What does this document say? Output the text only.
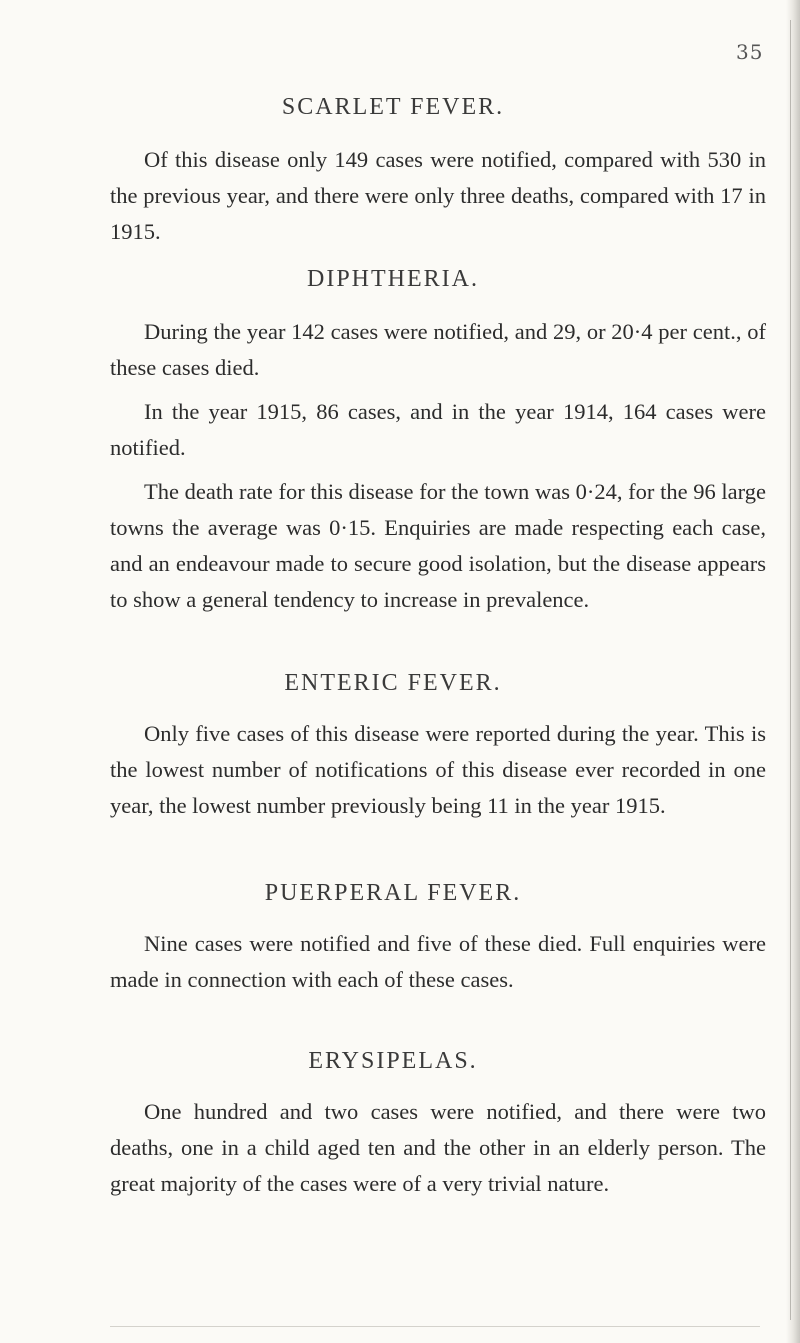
35
SCARLET FEVER.
Of this disease only 149 cases were notified, compared with 530 in the previous year, and there were only three deaths, compared with 17 in 1915.
DIPHTHERIA.
During the year 142 cases were notified, and 29, or 20·4 per cent., of these cases died.
In the year 1915, 86 cases, and in the year 1914, 164 cases were notified.
The death rate for this disease for the town was 0·24, for the 96 large towns the average was 0·15. Enquiries are made respecting each case, and an endeavour made to secure good isolation, but the disease appears to show a general tendency to increase in prevalence.
ENTERIC FEVER.
Only five cases of this disease were reported during the year. This is the lowest number of notifications of this disease ever recorded in one year, the lowest number previously being 11 in the year 1915.
PUERPERAL FEVER.
Nine cases were notified and five of these died. Full enquiries were made in connection with each of these cases.
ERYSIPELAS.
One hundred and two cases were notified, and there were two deaths, one in a child aged ten and the other in an elderly person. The great majority of the cases were of a very trivial nature.
